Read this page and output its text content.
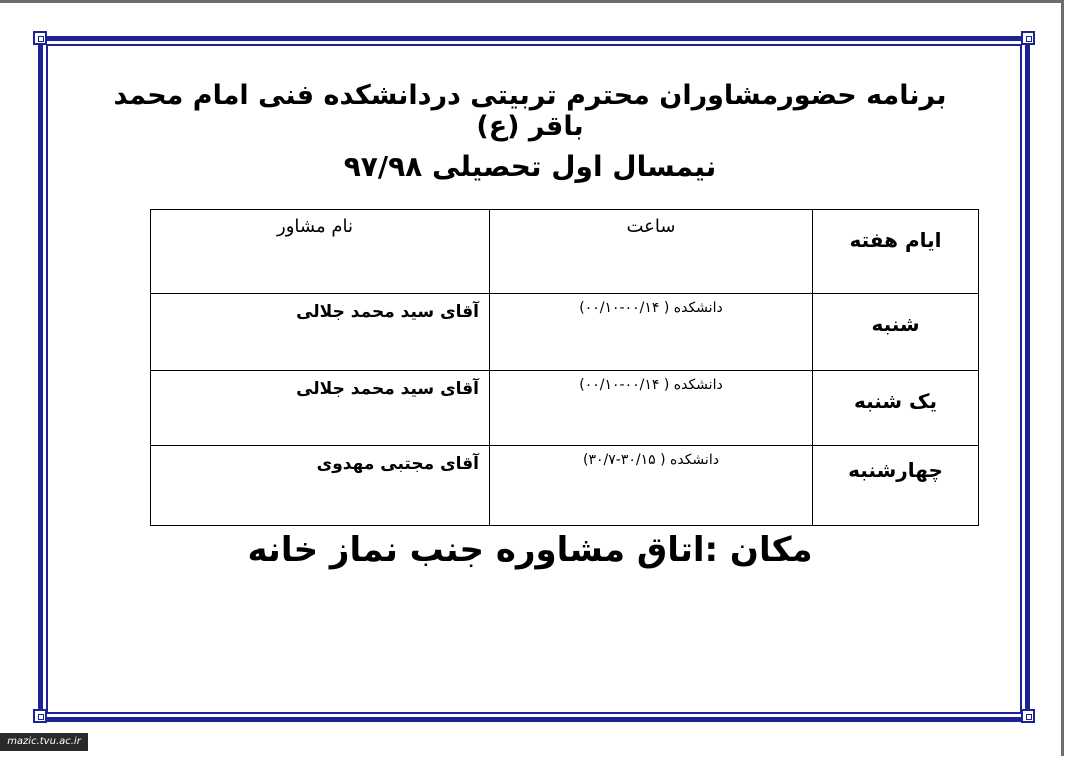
برنامه حضورمشاوران محترم تربیتی دردانشکده فنی امام محمد باقر (ع)
نیمسال اول تحصیلی ۹۷/۹۸
ایام هفته	ساعت	نام مشاور
شنبه	دانشکده ( ۰۰/۱۴-۰۰/۱۰)	آقای سید محمد جلالی
یک شنبه	دانشکده ( ۰۰/۱۴-۰۰/۱۰)	آقای سید محمد جلالی
چهارشنبه	دانشکده ( ۳۰/۱۵-۳۰/۷)	آقای مجتبی مهدوی
مکان :اتاق مشاوره جنب نماز خانه
mazic.tvu.ac.ir
